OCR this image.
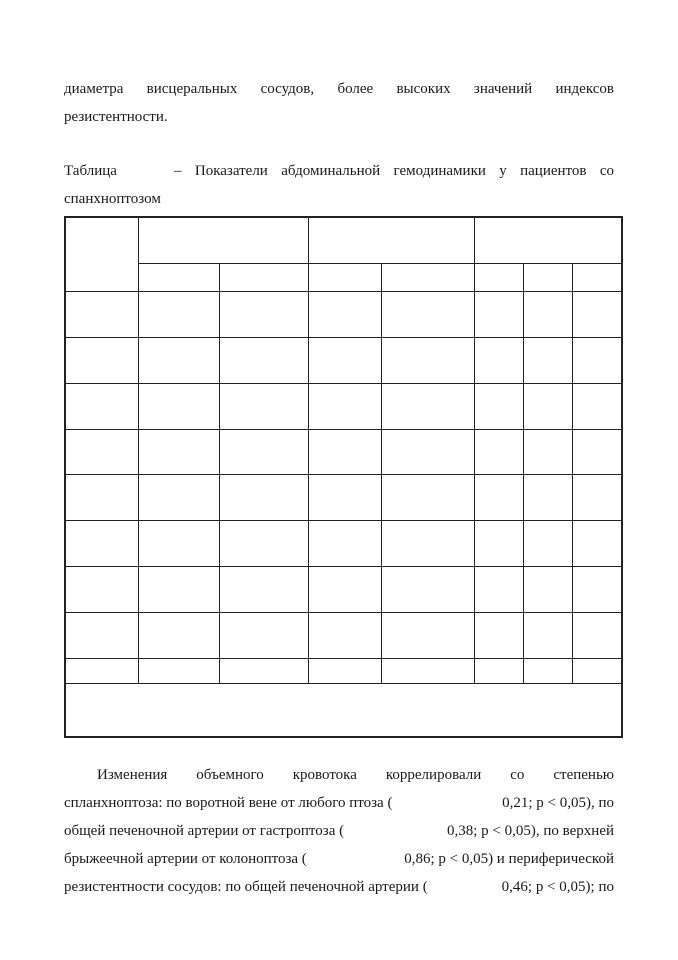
диаметра висцеральных сосудов, более высоких значений индексов
резистентности.
Таблица	– Показатели абдоминальной гемодинамики у пациентов со
спанхноптозом

Изменения объемного кровотока коррелировали со степенью
спланхноптоза: по воротной вене от любого птоза (	0,21; р < 0,05), по
общей печеночной артерии от гастроптоза (	0,38; р < 0,05), по верхней
брыжеечной артерии от колоноптоза (	0,86; р < 0,05) и периферической
резистентности сосудов: по общей печеночной артерии (	0,46; р < 0,05); по
